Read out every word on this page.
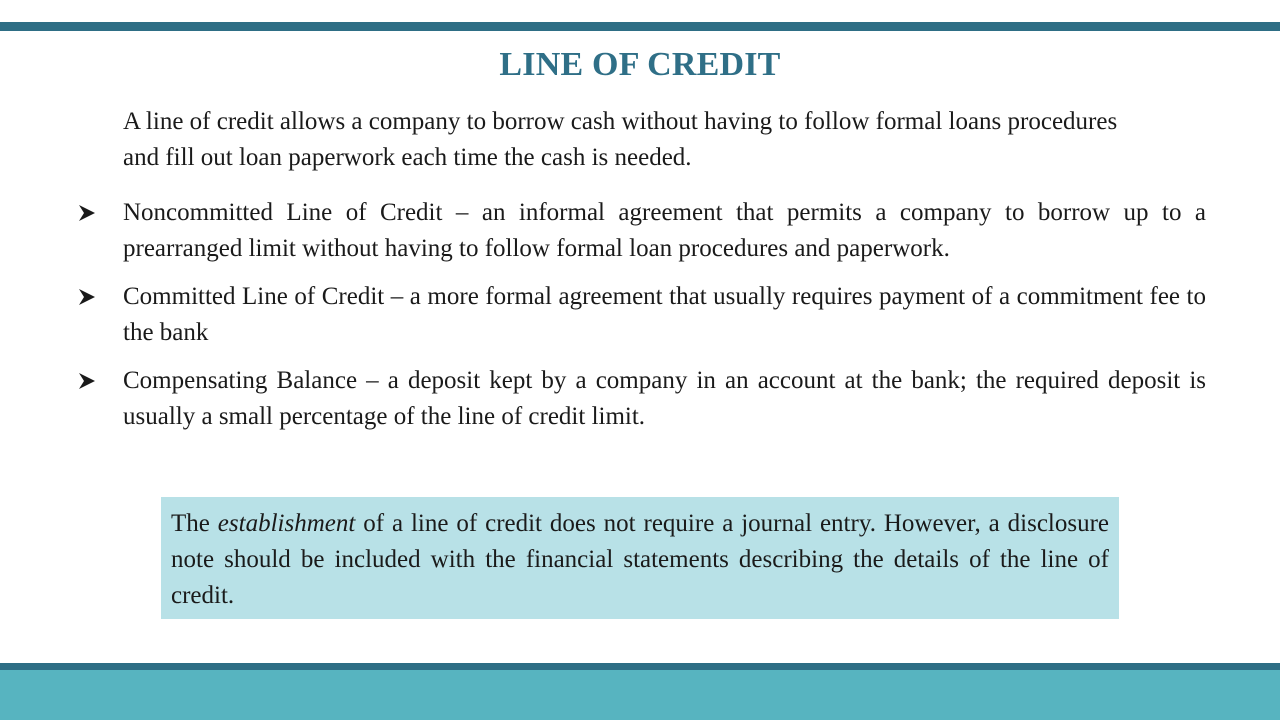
LINE OF CREDIT
A line of credit allows a company to borrow cash without having to follow formal loans procedures and fill out loan paperwork each time the cash is needed.
Noncommitted Line of Credit – an informal agreement that permits a company to borrow up to a prearranged limit without having to follow formal loan procedures and paperwork.
Committed Line of Credit – a more formal agreement that usually requires payment of a commitment fee to the bank
Compensating Balance – a deposit kept by a company in an account at the bank; the required deposit is usually a small percentage of the line of credit limit.
The establishment of a line of credit does not require a journal entry. However, a disclosure note should be included with the financial statements describing the details of the line of credit.
